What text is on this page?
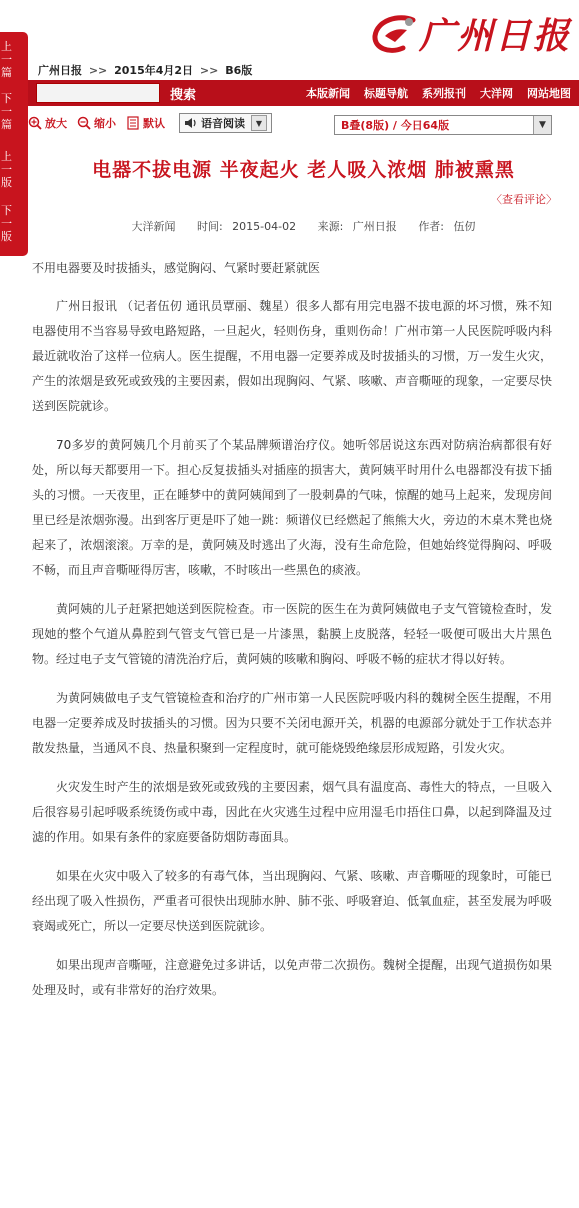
上一篇
下一篇
上一版
下一版
广州日报 >> 2015年4月2日 >> B6版
广州日报
搜索	本版新闻 标题导航 系列报刊 大洋网 网站地图
放大 缩小 默认	语音阅读	▼	B叠(8版) / 今日64版	▼
电器不拔电源 半夜起火 老人吸入浓烟 肺被熏黑
〈查看评论〉
大洋新闻 时间: 2015-04-02 来源: 广州日报 作者: 伍仞

不用电器要及时拔插头，感觉胸闷、气紧时要赶紧就医

广州日报讯 （记者伍仞 通讯员覃丽、魏星）很多人都有用完电器不拔电源的坏习惯，殊不知电器使用不当容易导致电路短路，一旦起火，轻则伤身，重则伤命！广州市第一人民医院呼吸内科最近就收治了这样一位病人。医生提醒，不用电器一定要养成及时拔插头的习惯，万一发生火灾，产生的浓烟是致死或致残的主要因素，假如出现胸闷、气紧、咳嗽、声音嘶哑的现象，一定要尽快送到医院就诊。

70多岁的黄阿姨几个月前买了个某品牌频谱治疗仪。她听邻居说这东西对防病治病都很有好处，所以每天都要用一下。担心反复拔插头对插座的损害大，黄阿姨平时用什么电器都没有拔下插头的习惯。一天夜里，正在睡梦中的黄阿姨闻到了一股刺鼻的气味，惊醒的她马上起来，发现房间里已经是浓烟弥漫。出到客厅更是吓了她一跳：频谱仪已经燃起了熊熊大火，旁边的木桌木凳也烧起来了，浓烟滚滚。万幸的是，黄阿姨及时逃出了火海，没有生命危险，但她始终觉得胸闷、呼吸不畅，而且声音嘶哑得厉害，咳嗽，不时咳出一些黑色的痰液。

黄阿姨的儿子赶紧把她送到医院检查。市一医院的医生在为黄阿姨做电子支气管镜检查时，发现她的整个气道从鼻腔到气管支气管已是一片漆黑，黏膜上皮脱落，轻轻一吸便可吸出大片黑色物。经过电子支气管镜的清洗治疗后，黄阿姨的咳嗽和胸闷、呼吸不畅的症状才得以好转。

为黄阿姨做电子支气管镜检查和治疗的广州市第一人民医院呼吸内科的魏树全医生提醒，不用电器一定要养成及时拔插头的习惯。因为只要不关闭电源开关，机器的电源部分就处于工作状态并散发热量，当通风不良、热量积聚到一定程度时，就可能烧毁绝缘层形成短路，引发火灾。

火灾发生时产生的浓烟是致死或致残的主要因素，烟气具有温度高、毒性大的特点，一旦吸入后很容易引起呼吸系统烫伤或中毒，因此在火灾逃生过程中应用湿毛巾捂住口鼻，以起到降温及过滤的作用。如果有条件的家庭要备防烟防毒面具。

如果在火灾中吸入了较多的有毒气体，当出现胸闷、气紧、咳嗽、声音嘶哑的现象时，可能已经出现了吸入性损伤，严重者可很快出现肺水肿、肺不张、呼吸窘迫、低氧血症，甚至发展为呼吸衰竭或死亡，所以一定要尽快送到医院就诊。

如果出现声音嘶哑，注意避免过多讲话，以免声带二次损伤。魏树全提醒，出现气道损伤如果处理及时，或有非常好的治疗效果。
